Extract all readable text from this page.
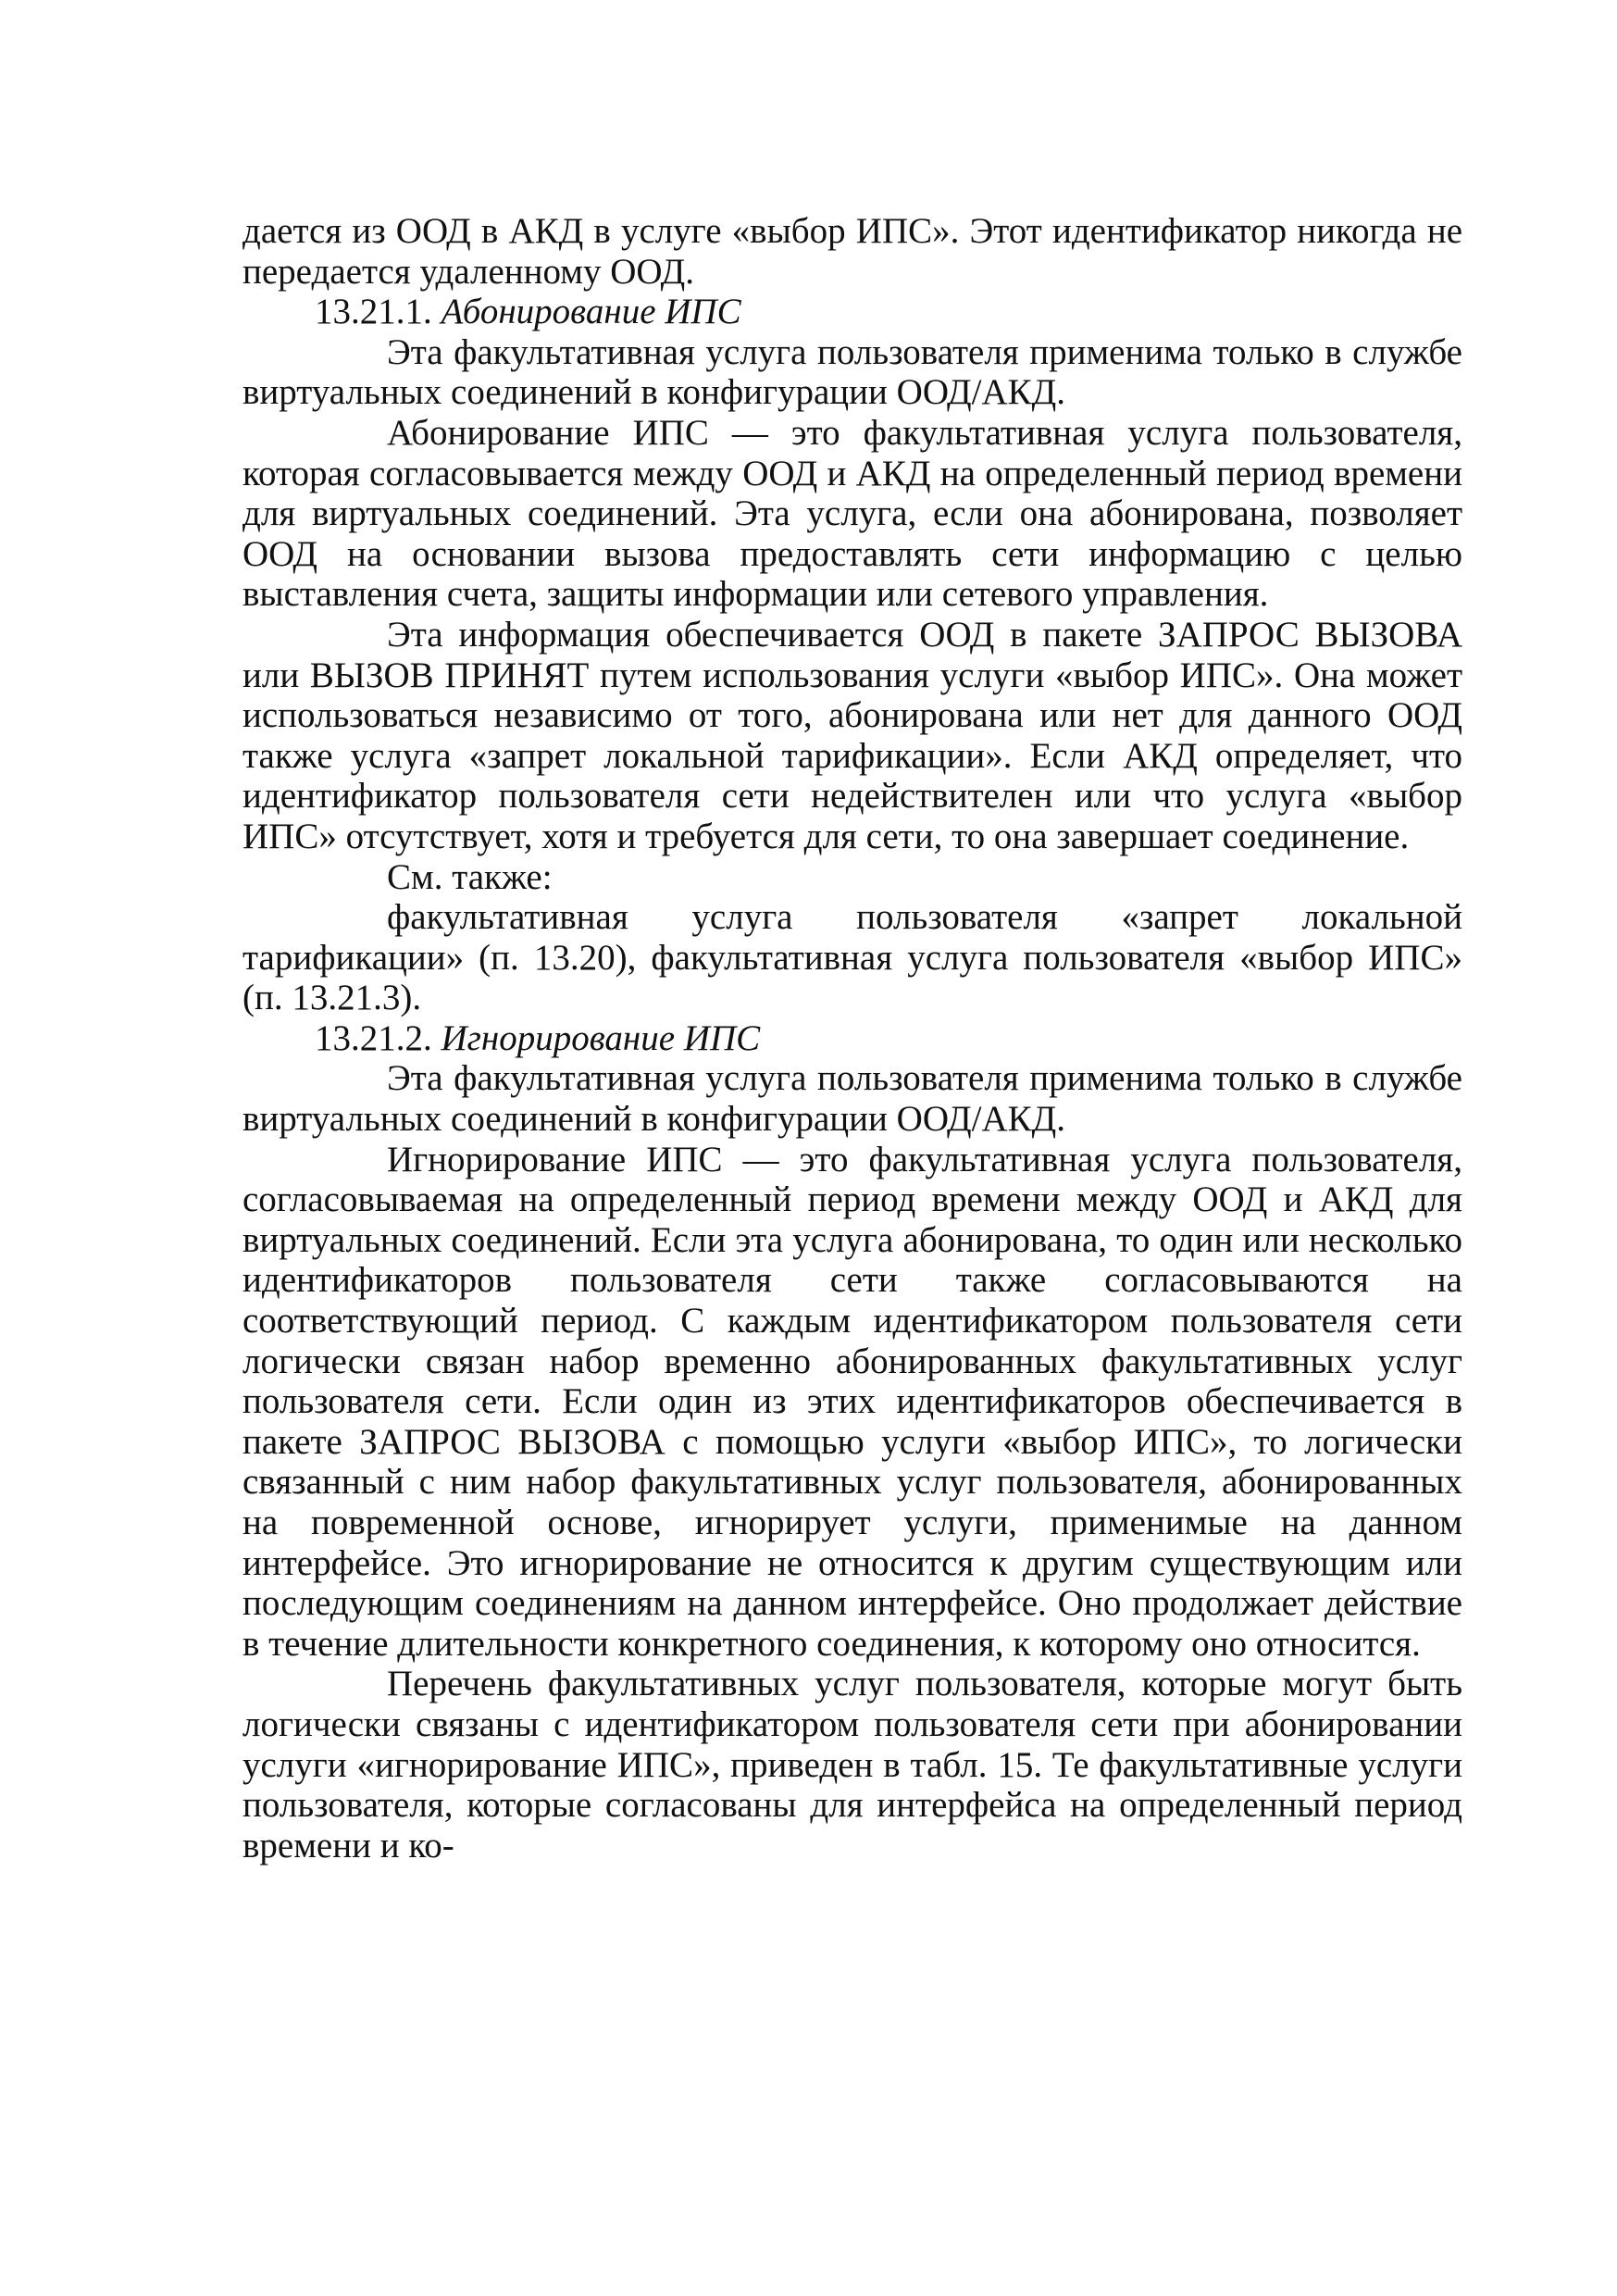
дается из ООД в АКД в услуге «выбор ИПС». Этот идентификатор никогда не передается удаленному ООД.

13.21.1. Абонирование ИПС

Эта факультативная услуга пользователя применима только в службе виртуальных соединений в конфигурации ООД/АКД.

Абонирование ИПС — это факультативная услуга пользователя, которая согласовывается между ООД и АКД на определенный период времени для виртуальных соединений. Эта услуга, если она абонирована, позволяет ООД на основании вызова предоставлять сети информацию с целью выставления счета, защиты информации или сетевого управления.

Эта информация обеспечивается ООД в пакете ЗАПРОС ВЫЗОВА или ВЫЗОВ ПРИНЯТ путем использования услуги «выбор ИПС». Она может использоваться независимо от того, абонирована или нет для данного ООД также услуга «запрет локальной тарификации». Если АКД определяет, что идентификатор пользователя сети недействителен или что услуга «выбор ИПС» отсутствует, хотя и требуется для сети, то она завершает соединение.

См. также:

факультативная услуга пользователя «запрет локальной тарификации» (п. 13.20), факультативная услуга пользователя «выбор ИПС» (п. 13.21.3).

13.21.2. Игнорирование ИПС

Эта факультативная услуга пользователя применима только в службе виртуальных соединений в конфигурации ООД/АКД.

Игнорирование ИПС — это факультативная услуга пользователя, согласовываемая на определенный период времени между ООД и АКД для виртуальных соединений. Если эта услуга абонирована, то один или несколько идентификаторов пользователя сети также согласовываются на соответствующий период. С каждым идентификатором пользователя сети логически связан набор временно абонированных факультативных услуг пользователя сети. Если один из этих идентификаторов обеспечивается в пакете ЗАПРОС ВЫЗОВА с помощью услуги «выбор ИПС», то логически связанный с ним набор факультативных услуг пользователя, абонированных на повременной основе, игнорирует услуги, применимые на данном интерфейсе. Это игнорирование не относится к другим существующим или последующим соединениям на данном интерфейсе. Оно продолжает действие в течение длительности конкретного соединения, к которому оно относится.

Перечень факультативных услуг пользователя, которые могут быть логически связаны с идентификатором пользователя сети при абонировании услуги «игнорирование ИПС», приведен в табл. 15. Те факультативные услуги пользователя, которые согласованы для интерфейса на определенный период времени и ко-
